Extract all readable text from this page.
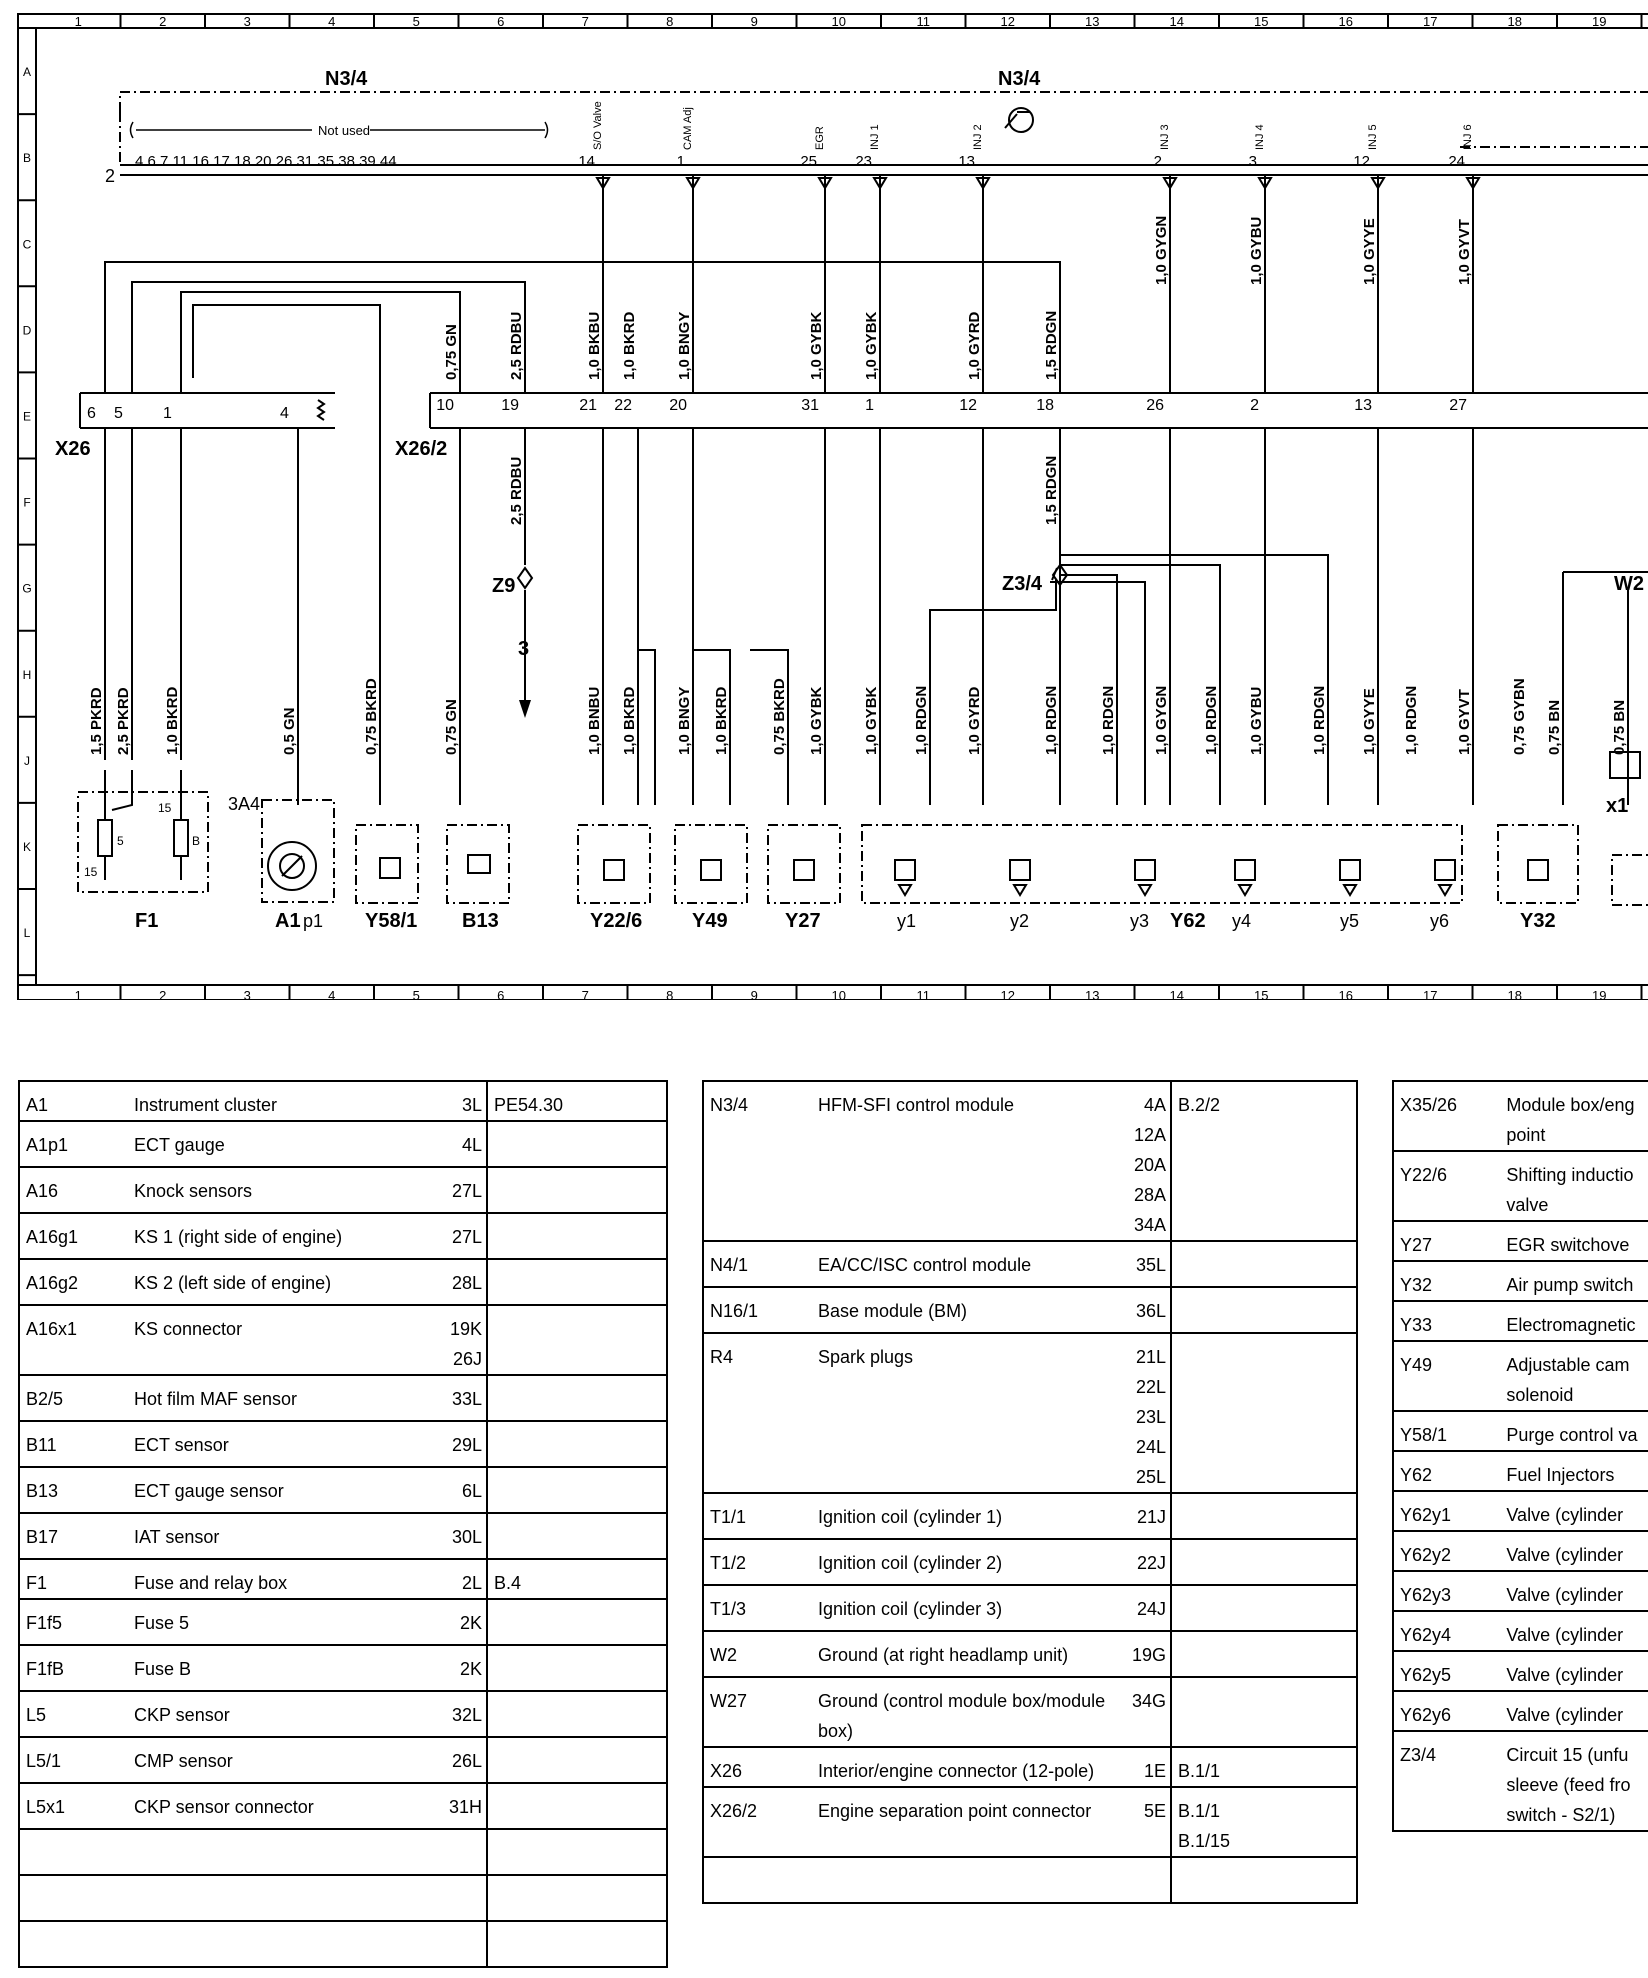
1
1
2
2
3
3
4
4
5
5
6
6
7
7
8
8
9
9
10
10
11
11
12
12
13
13
14
14
15
15
16
16
17
17
18
18
19
19
A
B
C
D
E
F
G
H
J
K
L
N3/4	N3/4
2
Not used
4 6 7 11 16 17 18 20 26 31 35 38 39 44	14
S/O Valve
1
CAM Adj
25
EGR
23
INJ 1
13
INJ 2
2
INJ 3
3
INJ 4
12
INJ 5
24
INJ 6
X26
6 5	1	4
X26/2
10	19	21 22 20	31	1	12	18	26	2	13	27
1,0 GYGN	1,0 GYBU	1,0 GYYE	1,0 GYVT
0,75 GN	2,5 RDBU	1,0 BKBU 1,0 BKRD	1,0 BNGY	1,0 GYBK	1,0 GYBK	1,0 GYRD	1,5 RDGN
2,5 RDBU	1,5 RDGN
1,5 PKRD 2,5 PKRD 1,0 BKRD	0,5 GN	0,75 BKRD	0,75 GN	1,0 BNBU 1,0 BKRD	1,0 BNGY 1,0 BKRD	0,75 BKRD 1,0 GYBK	1,0 GYBK 1,0 RDGN 1,0 GYRD	1,0 RDGN	1,0 RDGN 1,0 GYGN 1,0 RDGN 1,0 GYBU	1,0 RDGN 1,0 GYYE 1,0 RDGN 1,0 GYVT	0,75 GYBN 0,75 BN	0,75 BN
Z9
3
Z3/4	W2
5	B
15
15
F1
3A4
A1 p1 Y58/1 B13	Y22/6 Y49	Y27	y1	y2	y3 Y62 y4	y5	y6	Y32
x1
A1	Instrument cluster	3L	PE54.30
A1p1	ECT gauge	4L	
A16	Knock sensors	27L	
A16g1	KS 1 (right side of engine)	27L	
A16g2	KS 2 (left side of engine)	28L	
A16x1	KS connector	19K
26J	
B2/5	Hot film MAF sensor	33L	
B11	ECT sensor	29L	
B13	ECT gauge sensor	6L	
B17	IAT sensor	30L	
F1	Fuse and relay box	2L	B.4
F1f5	Fuse 5	2K	
F1fB	Fuse B	2K	
L5	CKP sensor	32L	
L5/1	CMP sensor	26L	
L5x1	CKP sensor connector	31H	

N3/4	HFM-SFI control module	4A
12A
20A
28A
34A	B.2/2
N4/1	EA/CC/ISC control module	35L	
N16/1	Base module (BM)	36L	
R4	Spark plugs	21L
22L
23L
24L
25L	
T1/1	Ignition coil (cylinder 1)	21J	
T1/2	Ignition coil (cylinder 2)	22J	
T1/3	Ignition coil (cylinder 3)	24J	
W2	Ground (at right headlamp unit)	19G	
W27	Ground (control module box/module box)	34G	
X26	Interior/engine connector (12-pole)	1E	B.1/1
X26/2	Engine separation point connector	5E	B.1/1
B.1/15

X35/26	Module box/eng
point
Y22/6	Shifting inductio
valve
Y27	EGR switchove
Y32	Air pump switch
Y33	Electromagnetic
Y49	Adjustable cam
solenoid
Y58/1	Purge control va
Y62	Fuel Injectors
Y62y1	Valve (cylinder
Y62y2	Valve (cylinder
Y62y3	Valve (cylinder
Y62y4	Valve (cylinder
Y62y5	Valve (cylinder
Y62y6	Valve (cylinder
Z3/4	Circuit 15 (unfu
sleeve (feed fro
switch - S2/1)
